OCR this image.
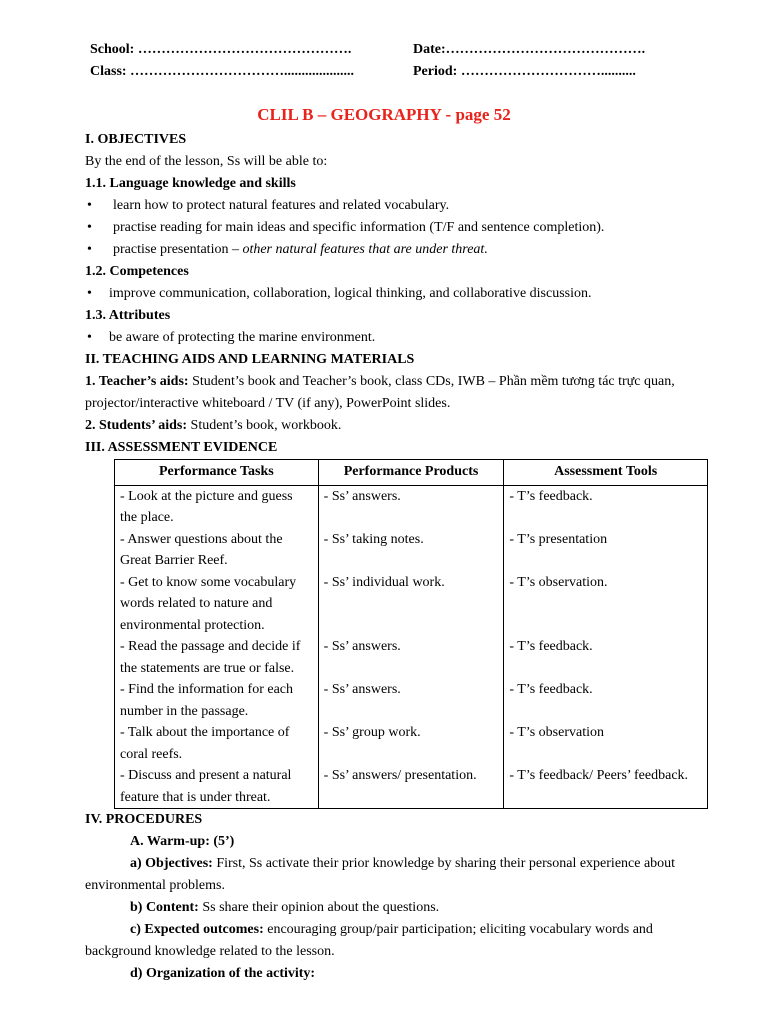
School: ……………………………………….	Date:…………………………………….
Class: ……………………………....................	Period: …………………………..........
CLIL B – GEOGRAPHY - page 52
I. OBJECTIVES
By the end of the lesson, Ss will be able to:
1.1. Language knowledge and skills
• learn how to protect natural features and related vocabulary.
• practise reading for main ideas and specific information (T/F and sentence completion).
• practise presentation – other natural features that are under threat.
1.2. Competences
• improve communication, collaboration, logical thinking, and collaborative discussion.
1.3. Attributes
• be aware of protecting the marine environment.
II. TEACHING AIDS AND LEARNING MATERIALS
1. Teacher’s aids: Student’s book and Teacher’s book, class CDs, IWB – Phần mềm tương tác trực quan, projector/interactive whiteboard / TV (if any), PowerPoint slides.
2. Students’ aids: Student’s book, workbook.
III. ASSESSMENT EVIDENCE
Performance Tasks	Performance Products	Assessment Tools
- Look at the picture and guess the place.	- Ss’ answers.	- T’s feedback.
- Answer questions about the Great Barrier Reef.	- Ss’ taking notes.	- T’s presentation
- Get to know some vocabulary words related to nature and environmental protection.	- Ss’ individual work.	- T’s observation.
- Read the passage and decide if the statements are true or false.	- Ss’ answers.	- T’s feedback.
- Find the information for each number in the passage.	- Ss’ answers.	- T’s feedback.
- Talk about the importance of coral reefs.	- Ss’ group work.	- T’s observation
- Discuss and present a natural feature that is under threat.	- Ss’ answers/ presentation.	- T’s feedback/ Peers’ feedback.
IV. PROCEDURES
A. Warm-up: (5’)
a) Objectives: First, Ss activate their prior knowledge by sharing their personal experience about environmental problems.
b) Content: Ss share their opinion about the questions.
c) Expected outcomes: encouraging group/pair participation; eliciting vocabulary words and background knowledge related to the lesson.
d) Organization of the activity:
